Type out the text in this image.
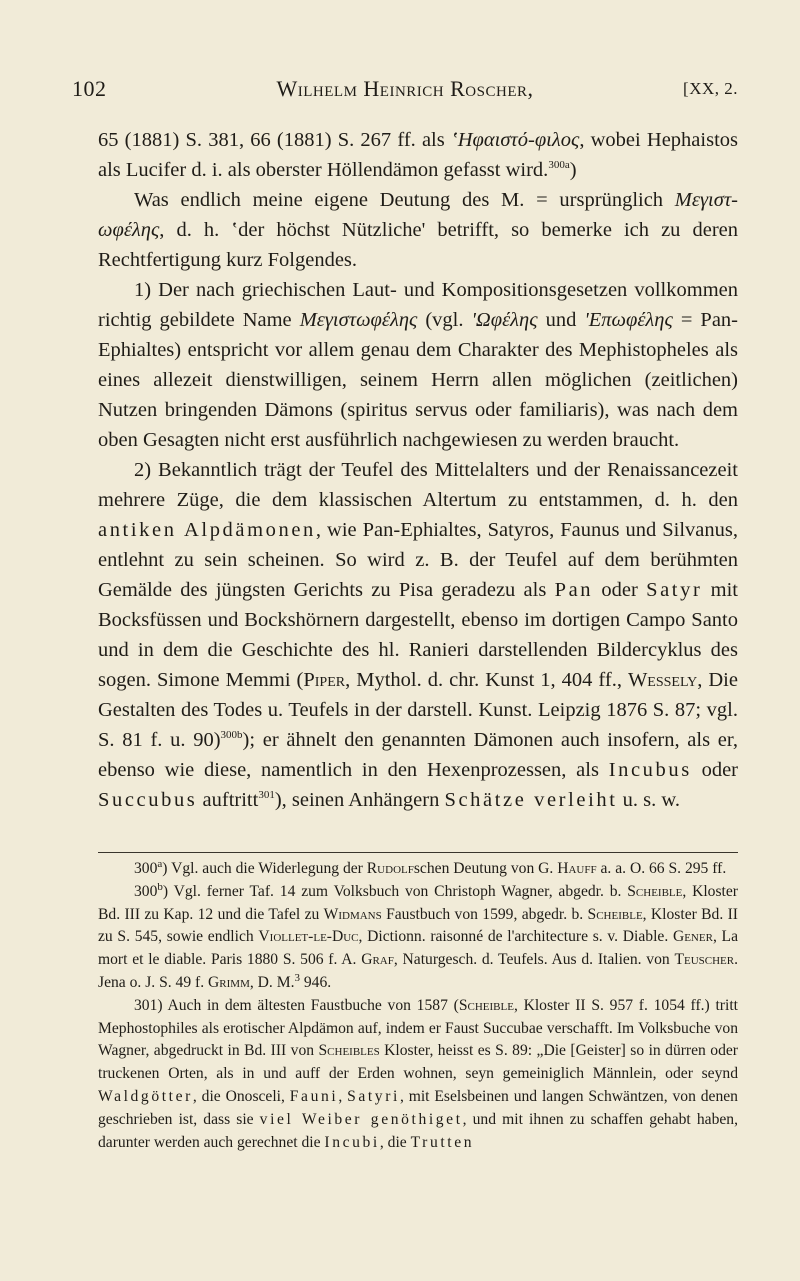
102	Wilhelm Heinrich Roscher,	[XX, 2.

65 (1881) S. 381, 66 (1881) S. 267 ff. als ʽΗφαιστό-φιλος, wobei Hephaistos als Lucifer d. i. als oberster Höllendämon gefasst wird.$^{300a}$)

Was endlich meine eigene Deutung des M. = ursprünglich Μεγιστ-ωφέλης, d. h. ʽder höchst Nützliche' betrifft, so bemerke ich zu deren Rechtfertigung kurz Folgendes.

1) Der nach griechischen Laut- und Kompositionsgesetzen vollkommen richtig gebildete Name Μεγιστωφέλης (vgl. 'Ωφέλης und 'Επωφέλης = Pan-Ephialtes) entspricht vor allem genau dem Charakter des Mephistopheles als eines allezeit dienstwilligen, seinem Herrn allen möglichen (zeitlichen) Nutzen bringenden Dämons (spiritus servus oder familiaris), was nach dem oben Gesagten nicht erst ausführlich nachgewiesen zu werden braucht.

2) Bekanntlich trägt der Teufel des Mittelalters und der Renaissancezeit mehrere Züge, die dem klassischen Altertum zu entstammen, d. h. den antiken Alpdämonen, wie Pan-Ephialtes, Satyros, Faunus und Silvanus, entlehnt zu sein scheinen. So wird z. B. der Teufel auf dem berühmten Gemälde des jüngsten Gerichts zu Pisa geradezu als Pan oder Satyr mit Bocksfüssen und Bockshörnern dargestellt, ebenso im dortigen Campo Santo und in dem die Geschichte des hl. Ranieri darstellenden Bildercyklus des sogen. Simone Memmi (Piper, Mythol. d. chr. Kunst 1, 404 ff., Wessely, Die Gestalten des Todes u. Teufels in der darstell. Kunst. Leipzig 1876 S. 87; vgl. S. 81 f. u. 90)$^{300b}$); er ähnelt den genannten Dämonen auch insofern, als er, ebenso wie diese, namentlich in den Hexenprozessen, als Incubus oder Succubus auftritt$^{301}$), seinen Anhängern Schätze verleiht u. s. w.

300$^a$) Vgl. auch die Widerlegung der Rudolfschen Deutung von G. Hauff a. a. O. 66 S. 295 ff.

300$^b$) Vgl. ferner Taf. 14 zum Volksbuch von Christoph Wagner, abgedr. b. Scheible, Kloster Bd. III zu Kap. 12 und die Tafel zu Widmans Faustbuch von 1599, abgedr. b. Scheible, Kloster Bd. II zu S. 545, sowie endlich Viollet-le-Duc, Dictionn. raisonné de l'architecture s. v. Diable. Gener, La mort et le diable. Paris 1880 S. 506 f. A. Graf, Naturgesch. d. Teufels. Aus d. Italien. von Teuscher. Jena o. J. S. 49 f. Grimm, D. M.$^3$ 946.

301) Auch in dem ältesten Faustbuche von 1587 (Scheible, Kloster II S. 957 f. 1054 ff.) tritt Mephostophiles als erotischer Alpdämon auf, indem er Faust Succubae verschafft. Im Volksbuche von Wagner, abgedruckt in Bd. III von Scheibles Kloster, heisst es S. 89: „Die [Geister] so in dürren oder truckenen Orten, als in und auff der Erden wohnen, seyn gemeiniglich Männlein, oder seynd Waldgötter, die Onosceli, Fauni, Satyri, mit Eselsbeinen und langen Schwäntzen, von denen geschrieben ist, dass sie viel Weiber genöthiget, und mit ihnen zu schaffen gehabt haben, darunter werden auch gerechnet die Incubi, die Trutten
